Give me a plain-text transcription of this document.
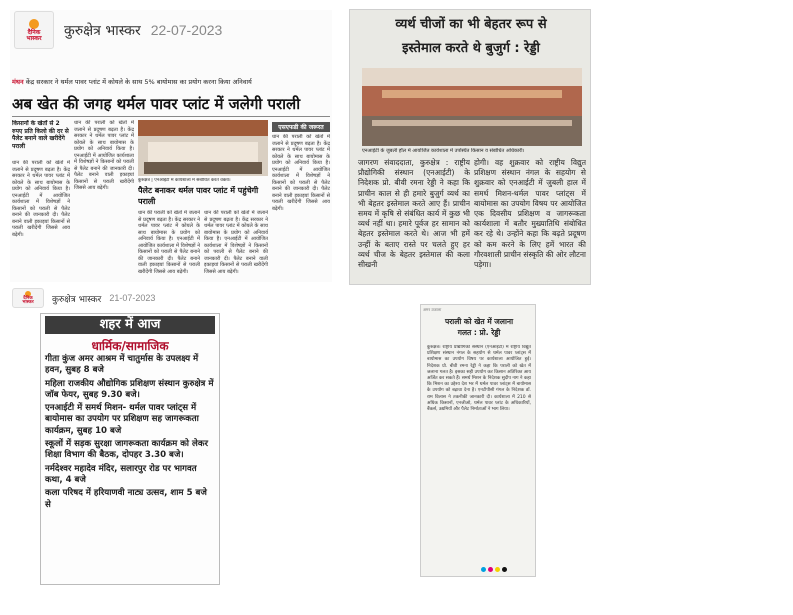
दैनिक
भास्कर कुरुक्षेत्र भास्कर 22-07-2023
मंथन केंद्र सरकार ने थर्मल पावर प्लांट में कोयले के साथ 5% बायोमास का प्रयोग करना किया अनिवार्य
अब खेत की जगह थर्मल पावर प्लांट में जलेगी पराली
किसानों के खेतों से 2 रुपए प्रति किलो की दर से पैलेट बनाने वाले खरीदेंगे पराली
धान की पराली को खेतों में जलाने से प्रदूषण बढ़ता है। केंद्र सरकार ने थर्मल पावर प्लांट में कोयले के साथ बायोमास के प्रयोग को अनिवार्य किया है। एनआईटी में आयोजित कार्यशाला में विशेषज्ञों ने किसानों को पराली से पैलेट बनाने की जानकारी दी। पैलेट बनाने वाली इकाइयां किसानों से पराली खरीदेंगी जिससे आय बढ़ेगी।
धान की पराली को खेतों में जलाने से प्रदूषण बढ़ता है। केंद्र सरकार ने थर्मल पावर प्लांट में कोयले के साथ बायोमास के प्रयोग को अनिवार्य किया है। एनआईटी में आयोजित कार्यशाला में विशेषज्ञों ने किसानों को पराली से पैलेट बनाने की जानकारी दी। पैलेट बनाने वाली इकाइयां किसानों से पराली खरीदेंगी जिससे आय बढ़ेगी।
कुरुक्षेत्र | एनआईटी में कार्यशाला में संबोधित करते वक्ता।
पैलेट बनाकर थर्मल पावर प्लांट में पहुंचेगी पराली
धान की पराली को खेतों में जलाने से प्रदूषण बढ़ता है। केंद्र सरकार ने थर्मल पावर प्लांट में कोयले के साथ बायोमास के प्रयोग को अनिवार्य किया है। एनआईटी में आयोजित कार्यशाला में विशेषज्ञों ने किसानों को पराली से पैलेट बनाने की जानकारी दी। पैलेट बनाने वाली इकाइयां किसानों से पराली खरीदेंगी जिससे आय बढ़ेगी।
धान की पराली को खेतों में जलाने से प्रदूषण बढ़ता है। केंद्र सरकार ने थर्मल पावर प्लांट में कोयले के साथ बायोमास के प्रयोग को अनिवार्य किया है। एनआईटी में आयोजित कार्यशाला में विशेषज्ञों ने किसानों को पराली से पैलेट बनाने की जानकारी दी। पैलेट बनाने वाली इकाइयां किसानों से पराली खरीदेंगी जिससे आय बढ़ेगी।
एसएफडी की जरूरत
धान की पराली को खेतों में जलाने से प्रदूषण बढ़ता है। केंद्र सरकार ने थर्मल पावर प्लांट में कोयले के साथ बायोमास के प्रयोग को अनिवार्य किया है। एनआईटी में आयोजित कार्यशाला में विशेषज्ञों ने किसानों को पराली से पैलेट बनाने की जानकारी दी। पैलेट बनाने वाली इकाइयां किसानों से पराली खरीदेंगी जिससे आय बढ़ेगी।
व्यर्थ चीजों का भी बेहतर रूप से
इस्तेमाल करते थे बुजुर्ग : रेड्डी
एनआईटी के जुबली हॉल में आयोजित कार्यशाला में उपस्थित किसान व संबोधित अधिकारी।
जागरण संवाददाता, कुरुक्षेत्र : राष्ट्रीय प्रौद्योगिकी संस्थान (एनआईटी) के निदेशक प्रो. बीवी रमना रेड्डी ने कहा कि प्राचीन काल से ही हमारे बुजुर्ग व्यर्थ का भी बेहतर इस्तेमाल करते आए हैं। प्राचीन समय में कृषि से संबंधित कार्य में कुछ भी व्यर्थ नहीं था। हमारे पूर्वज हर सामान को बेहतर इस्तेमाल करते थे। आज भी हमें उन्हीं के बताए रास्ते पर चलते हुए हर व्यर्थ चीज के बेहतर इस्तेमाल की कला सीखनी
होगी। वह शुक्रवार को राष्ट्रीय विद्युत प्रशिक्षण संस्थान नंगल के सहयोग से शुक्रवार को एनआईटी में जुबली हाल में समर्थ मिशन-थर्मल पावर प्लांट्स में बायोमास का उपयोग विषय पर आयोजित एक दिवसीय प्रशिक्षण व जागरूकता कार्यशाला में बतौर मुख्यातिथि संबोधित कर रहे थे। उन्होंने कहा कि बढ़ते प्रदूषण को कम करने के लिए हमें भारत की गौरवशाली प्राचीन संस्कृति की ओर लौटना पड़ेगा।
दैनिक
भास्कर कुरुक्षेत्र भास्कर 21-07-2023
शहर में आज
धार्मिक/सामाजिक
गीता कुंज अमर आश्रम में चातुर्मास के उपलक्ष्य में हवन, सुबह 8 बजे
महिला राजकीय औद्योगिक प्रशिक्षण संस्थान कुरुक्षेत्र में जॉब फेयर, सुबह 9.30 बजे।
एनआईटी में समर्थ मिशन- थर्मल पावर प्लांट्स में बायोमास का उपयोग पर प्रशिक्षण सह जागरूकता कार्यक्रम, सुबह 10 बजे
स्कूलों में सड़क सुरक्षा जागरूकता कार्यक्रम को लेकर शिक्षा विभाग की बैठक, दोपहर 3.30 बजे।
नर्मदेश्वर महादेव मंदिर, सलारपुर रोड पर भागवत कथा, 4 बजे
कला परिषद में हरियाणवी नाट्य उत्सव, शाम 5 बजे से
अमर उजाला
पराली को खेत में जलाना
गलत : प्रो. रेड्डी
कुरुक्षेत्र। राष्ट्रीय प्रौद्योगिकी संस्थान (एनआईटी) में राष्ट्रीय विद्युत प्रशिक्षण संस्थान नंगल के सहयोग से थर्मल पावर प्लांट्स में बायोमास का उपयोग विषय पर कार्यशाला आयोजित हुई। निदेशक प्रो. बीवी रमना रेड्डी ने कहा कि पराली को खेत में जलाना गलत है। इसका सही उपयोग कर किसान अतिरिक्त आय अर्जित कर सकते हैं। समर्थ मिशन के निदेशक सुदीप नाग ने कहा कि मिशन का उद्देश्य देश भर में थर्मल पावर प्लांट्स में बायोमास के उपयोग को बढ़ावा देना है। एनटीपीसी गंगल के निदेशक डॉ. राम विलास ने तकनीकी जानकारी दी। कार्यशाला में 210 से अधिक किसानों, एनजीओ, थर्मल पावर प्लांट के अधिकारियों, बैंकर्स, उद्यमियों और पैलेट निर्माताओं ने भाग लिया।
